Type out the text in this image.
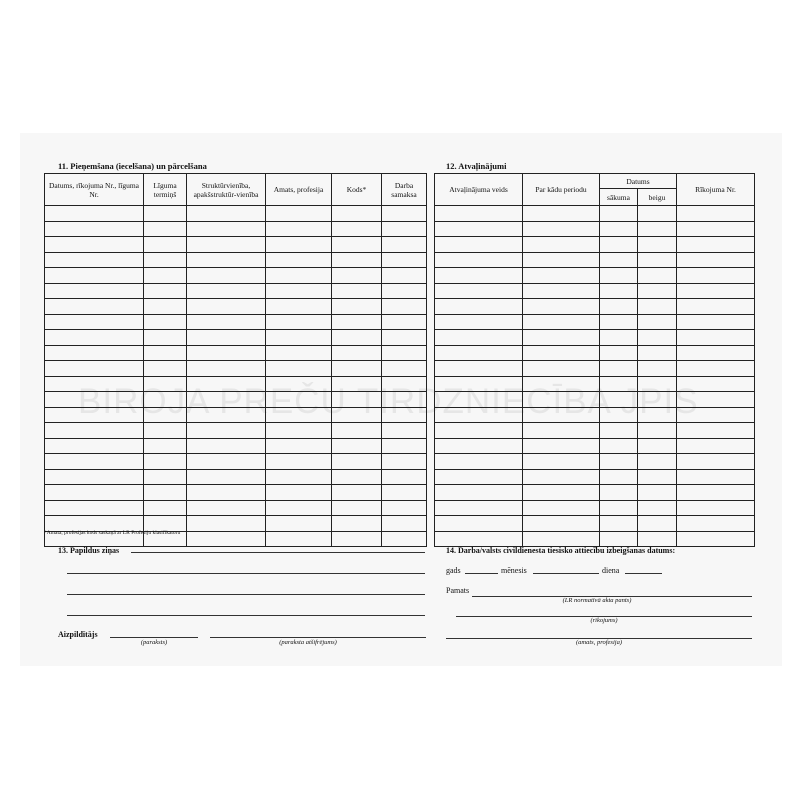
BIROJA PREČU TIRDZNIECĪBA JPIS
11. Pieņemšana (iecelšana) un pārcelšana
Datums, rīkojuma Nr., līguma Nr.	Līguma termiņš	Struktūrvienība, apakšstruktūr-vienība	Amats, profesija	Kods*	Darba samaksa

*Amata, profesijas kods saskaņā ar LR Profesiju klasifikatoru
12. Atvaļinājumi
Atvaļinājuma veids	Par kādu periodu	Datums		Rīkojuma Nr.
		sākuma	beigu	

13. Papildus ziņas
Aizpildītājs
(paraksts)	(paraksta atšifrējums)
14. Darba/valsts civildienesta tiesisko attiecību izbeigšanas datums:
gads	mēnesis	diena
Pamats
(LR normatīvā akta pants)
(rīkojums)
(amats, profesija)
